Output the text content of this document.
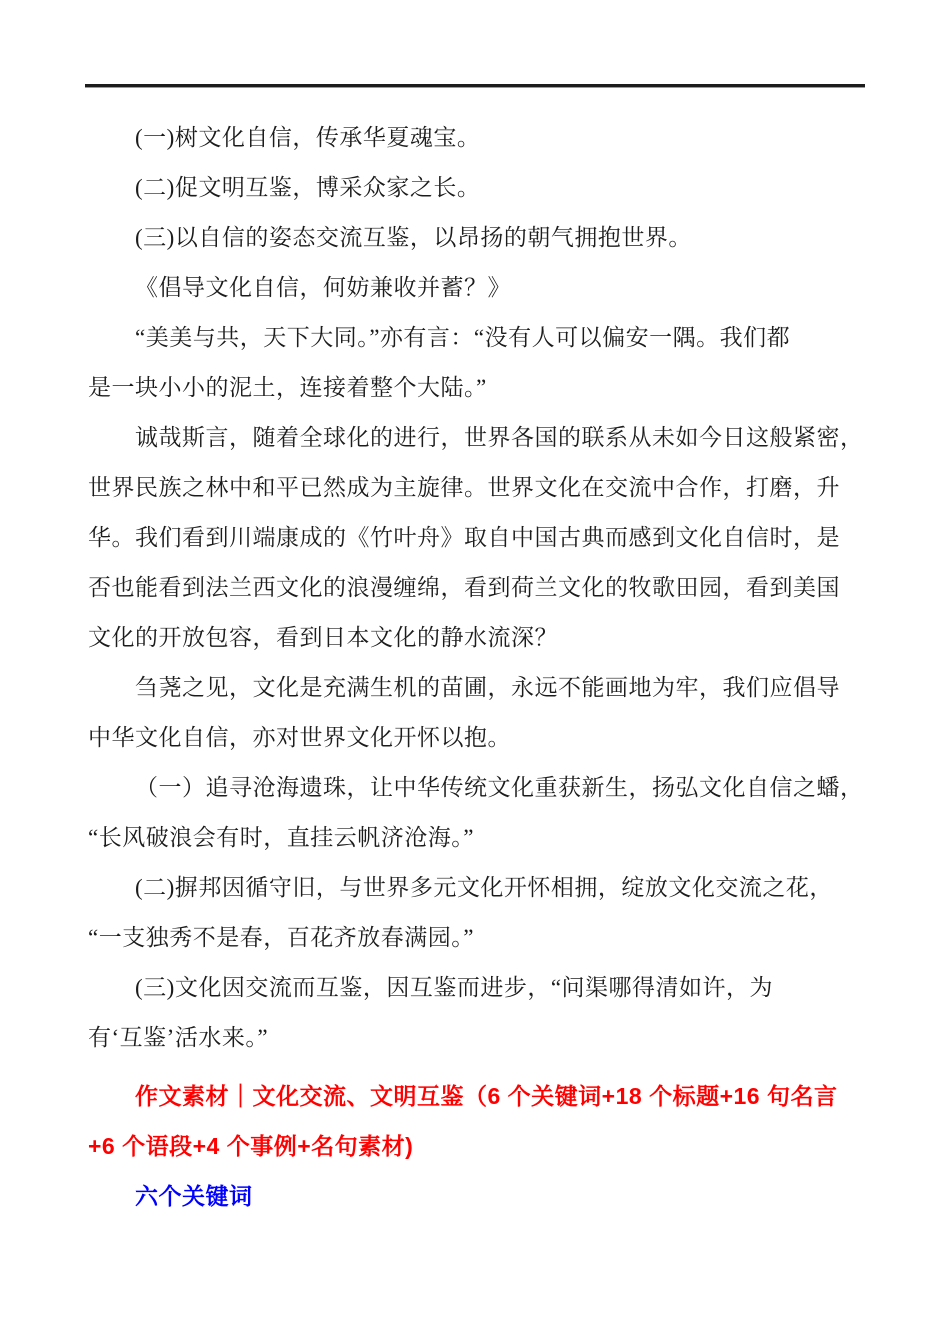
(一)树文化自信，传承华夏魂宝。
(二)促文明互鉴，博采众家之长。
(三)以自信的姿态交流互鉴，以昂扬的朝气拥抱世界。
《倡导文化自信，何妨兼收并蓄？》
“美美与共，天下大同。”亦有言：“没有人可以偏安一隅。我们都
是一块小小的泥土，连接着整个大陆。”
诚哉斯言，随着全球化的进行，世界各国的联系从未如今日这般紧密，
世界民族之林中和平已然成为主旋律。世界文化在交流中合作，打磨，升
华。我们看到川端康成的《竹叶舟》取自中国古典而感到文化自信时，是
否也能看到法兰西文化的浪漫缠绵，看到荷兰文化的牧歌田园，看到美国
文化的开放包容，看到日本文化的静水流深？
刍荛之见，文化是充满生机的苗圃，永远不能画地为牢，我们应倡导
中华文化自信，亦对世界文化开怀以抱。
（一）追寻沧海遗珠，让中华传统文化重获新生，扬弘文化自信之蟠，
“长风破浪会有时，直挂云帆济沧海。”
(二)摒邦因循守旧，与世界多元文化开怀相拥，绽放文化交流之花，
“一支独秀不是春，百花齐放春满园。”
(三)文化因交流而互鉴，因互鉴而进步，“问渠哪得清如许，为
有‘互鉴’活水来。”
作文素材｜文化交流、文明互鉴（6 个关键词+18 个标题+16 句名言
+6 个语段+4 个事例+名句素材)
六个关键词
